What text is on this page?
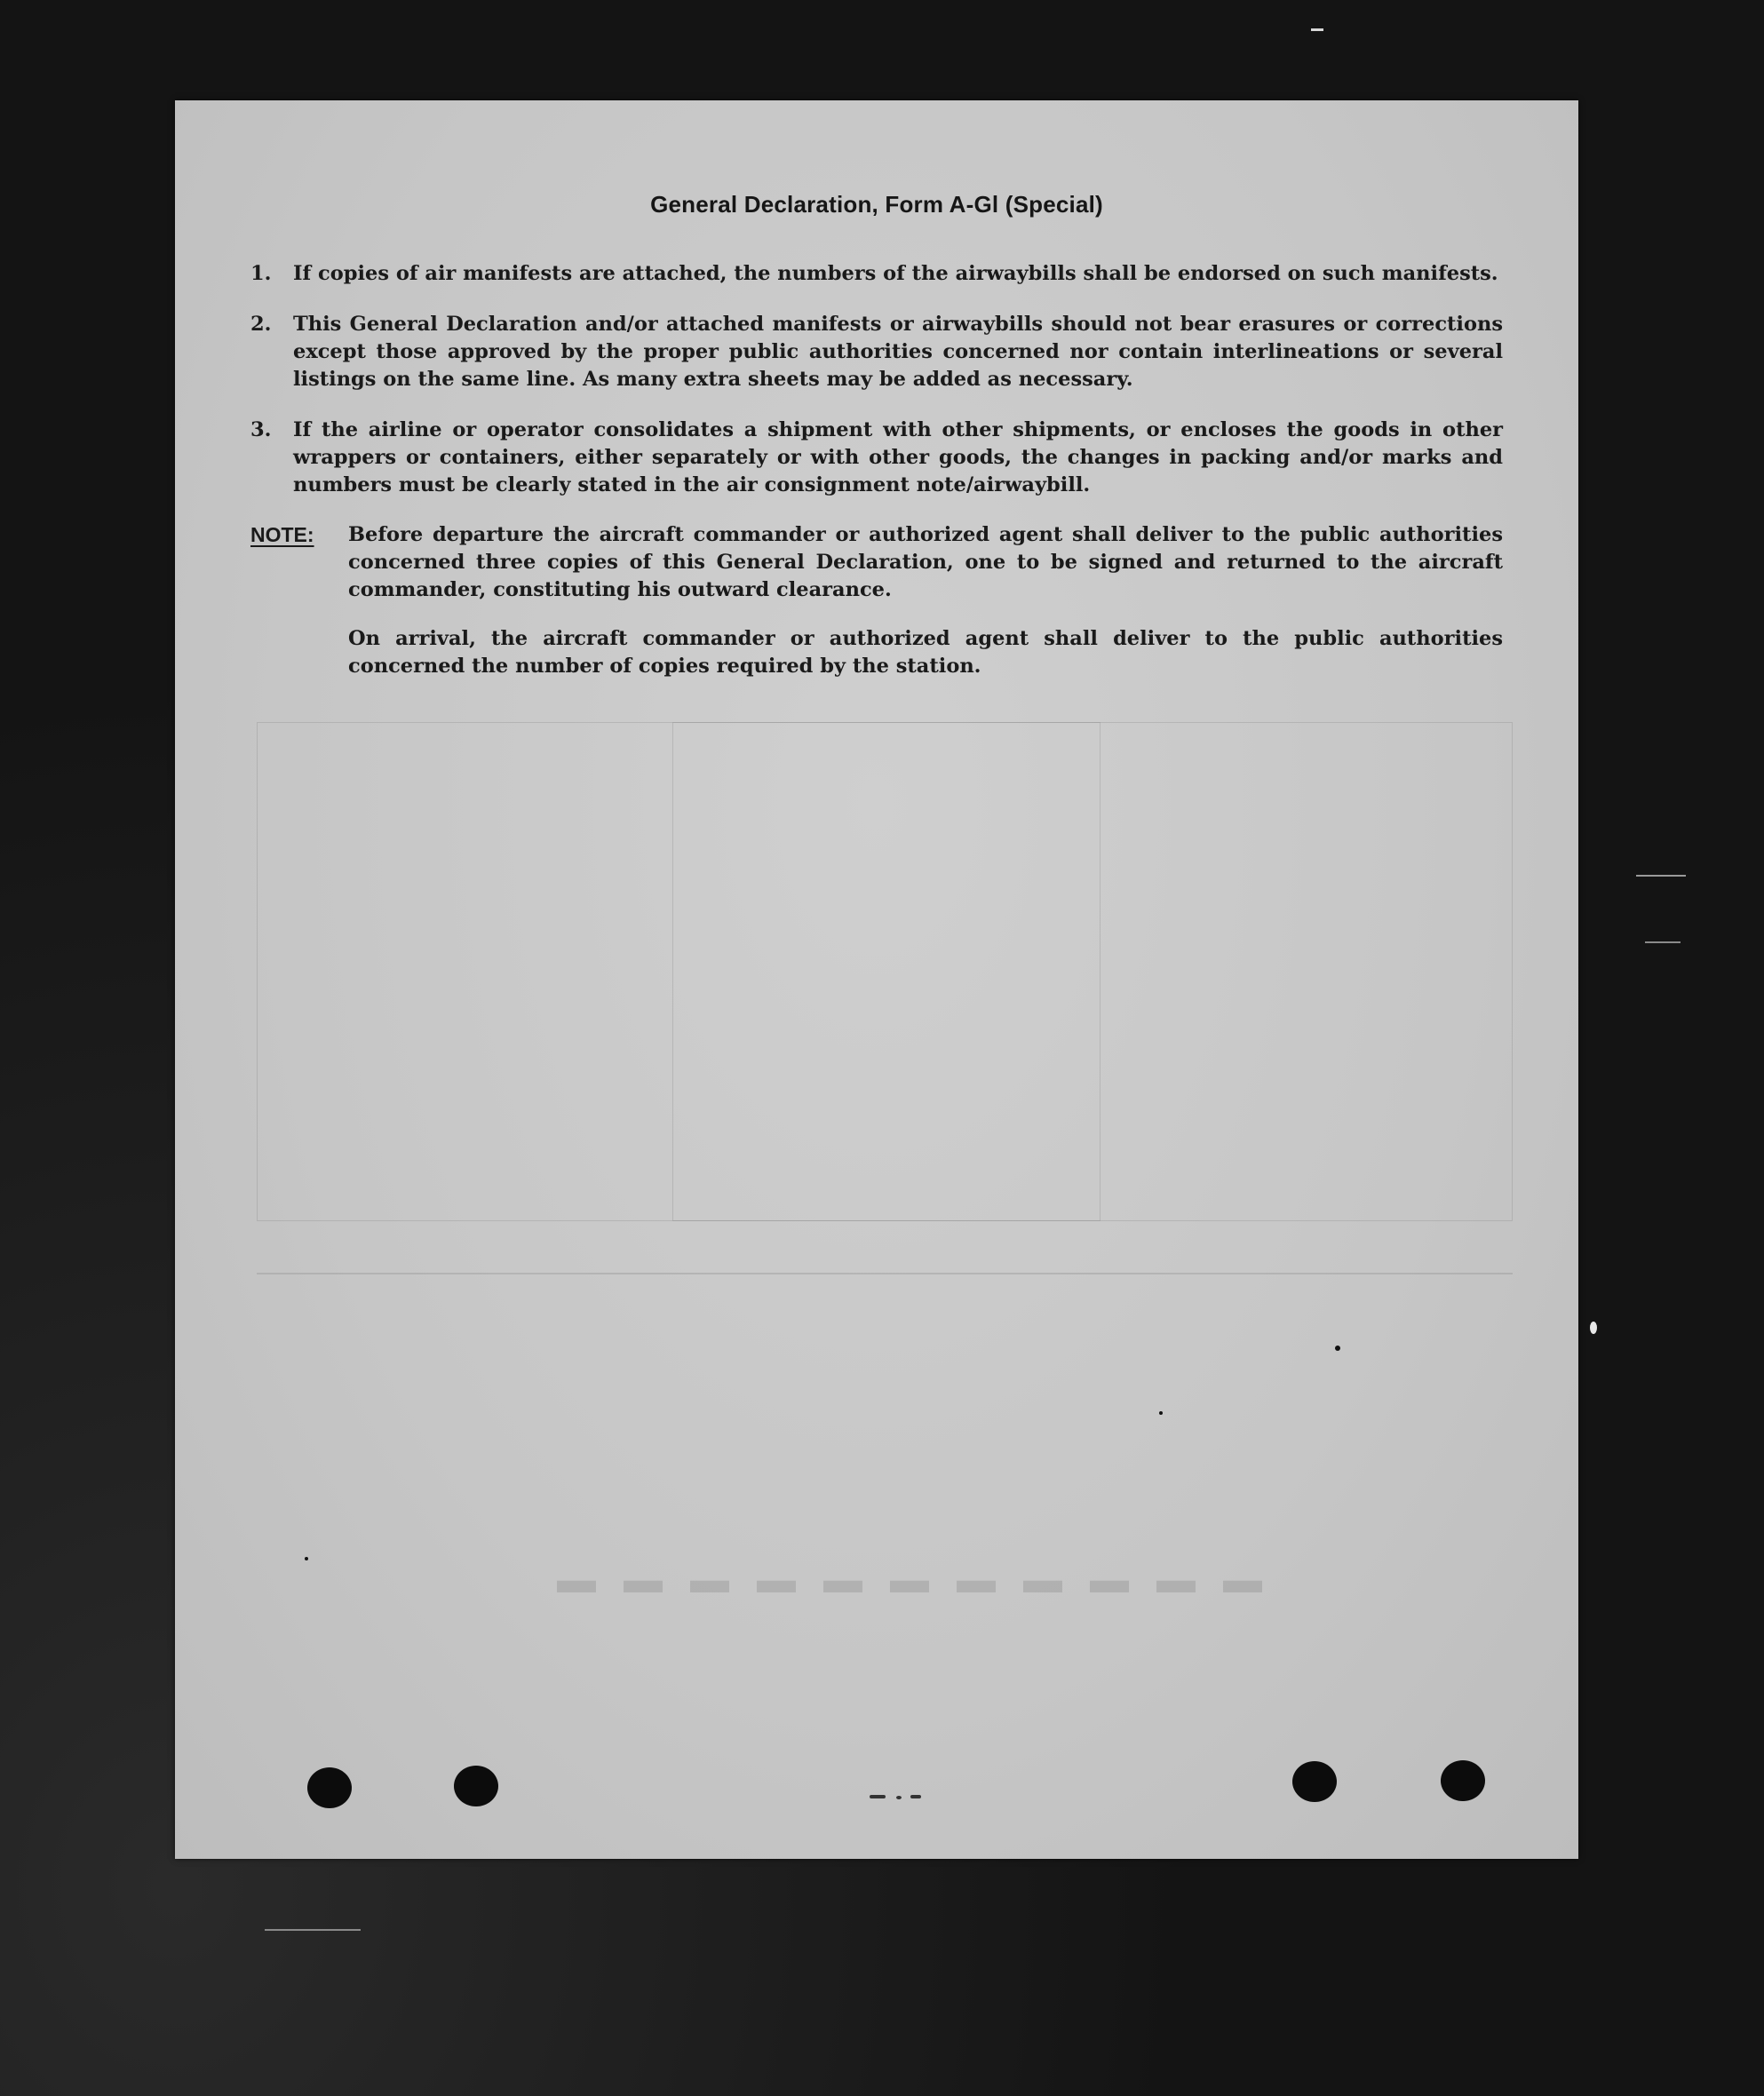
▬ ▬ ▬ ▬ ▬ ▬ ▬ ▬ ▬ ▬ ▬
General Declaration, Form A-Gl (Special)
1.	If copies of air manifests are attached, the numbers of the airwaybills shall be endorsed on such manifests.
2.	This General Declaration and/or attached manifests or airwaybills should not bear erasures or corrections except those approved by the proper public authorities concerned nor contain interlineations or several listings on the same line. As many extra sheets may be added as necessary.
3.	If the airline or operator consolidates a shipment with other shipments, or encloses the goods in other wrappers or containers, either separately or with other goods, the changes in packing and/or marks and numbers must be clearly stated in the air consignment note/airwaybill.
NOTE: Before departure the aircraft commander or authorized agent shall deliver to the public authorities concerned three copies of this General Declaration, one to be signed and returned to the aircraft commander, constituting his outward clearance.
On arrival, the aircraft commander or authorized agent shall deliver to the public authorities concerned the number of copies required by the station.
